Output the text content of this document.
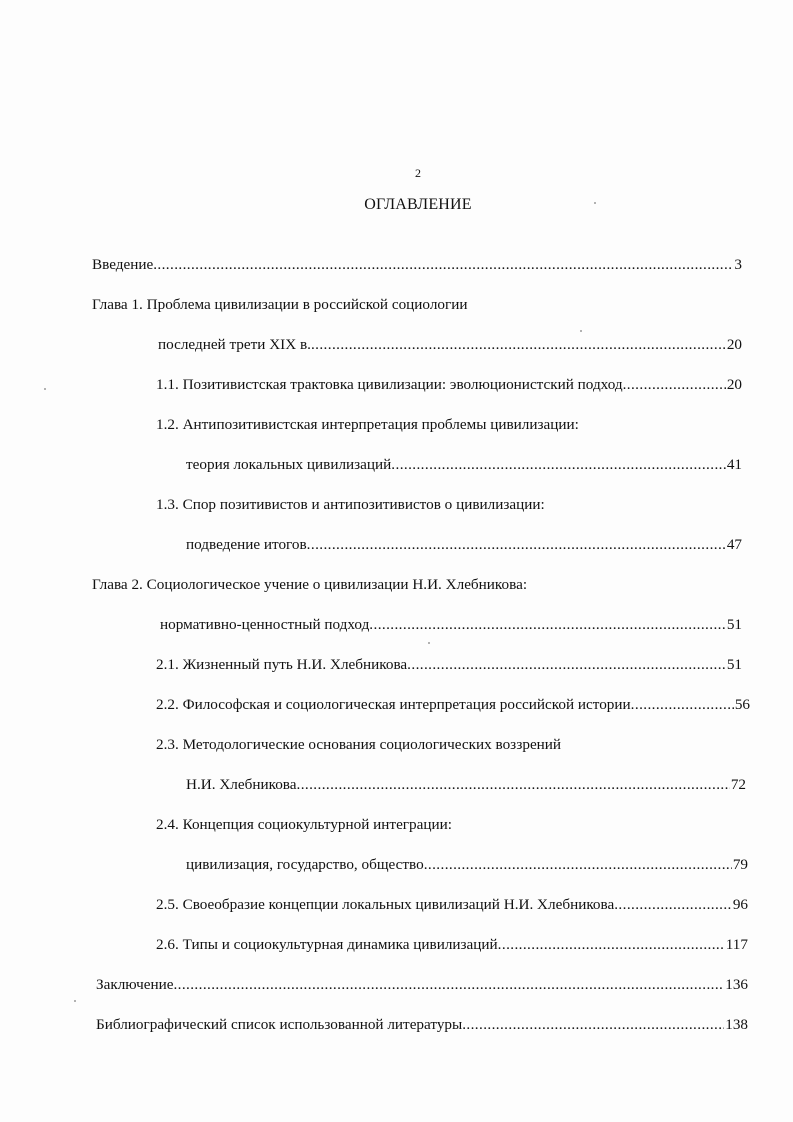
2
ОГЛАВЛЕНИЕ
Введение .....	3
Глава 1. Проблема цивилизации в российской социологии
последней трети XIX в. .....	20
1.1. Позитивистская трактовка цивилизации: эволюционистский подход .....	20
1.2. Антипозитивистская интерпретация проблемы цивилизации:
теория локальных цивилизаций .....	41
1.3. Спор позитивистов и антипозитивистов о цивилизации:
подведение итогов .....	47
Глава 2. Социологическое учение о цивилизации Н.И. Хлебникова:
нормативно-ценностный подход .....	51
2.1. Жизненный путь Н.И. Хлебникова .....	51
2.2. Философская и социологическая интерпретация российской истории .....	56
2.3. Методологические основания социологических воззрений
Н.И. Хлебникова .....	72
2.4. Концепция социокультурной интеграции:
цивилизация, государство, общество .....	79
2.5. Своеобразие концепции локальных цивилизаций Н.И. Хлебникова .....	96
2.6. Типы и социокультурная динамика цивилизаций .....	117
Заключение .....	136
Библиографический список использованной литературы .....	138
